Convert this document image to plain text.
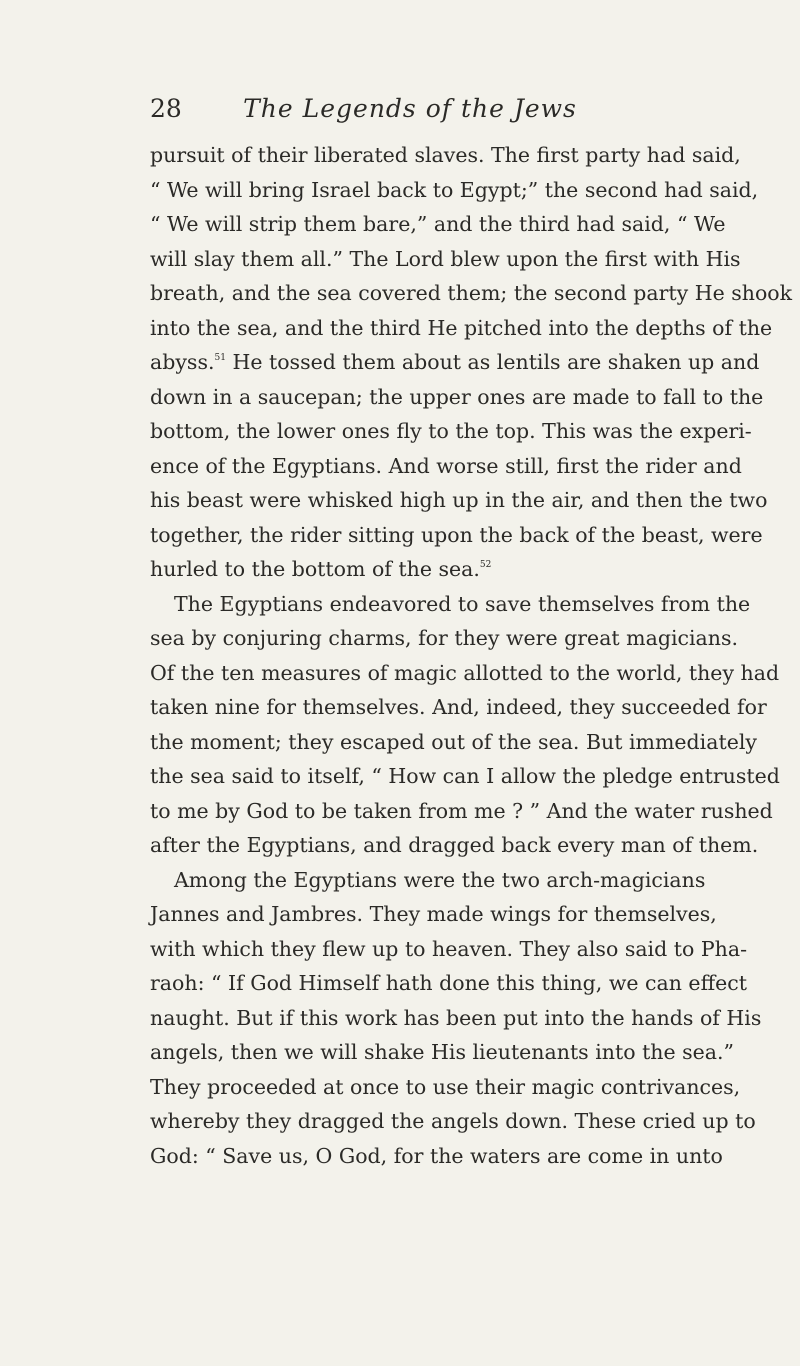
28	The Legends of the Jews
pursuit of their liberated slaves. The first party had said,
“ We will bring Israel back to Egypt;” the second had said,
“ We will strip them bare,” and the third had said, “ We
will slay them all.” The Lord blew upon the first with His
breath, and the sea covered them; the second party He shook
into the sea, and the third He pitched into the depths of the
abyss.$^{51}$ He tossed them about as lentils are shaken up and
down in a saucepan; the upper ones are made to fall to the
bottom, the lower ones fly to the top. This was the experi-
ence of the Egyptians. And worse still, first the rider and
his beast were whisked high up in the air, and then the two
together, the rider sitting upon the back of the beast, were
hurled to the bottom of the sea.$^{52}$
The Egyptians endeavored to save themselves from the
sea by conjuring charms, for they were great magicians.
Of the ten measures of magic allotted to the world, they had
taken nine for themselves. And, indeed, they succeeded for
the moment; they escaped out of the sea. But immediately
the sea said to itself, “ How can I allow the pledge entrusted
to me by God to be taken from me ? ” And the water rushed
after the Egyptians, and dragged back every man of them.
Among the Egyptians were the two arch-magicians
Jannes and Jambres. They made wings for themselves,
with which they flew up to heaven. They also said to Pha-
raoh: “ If God Himself hath done this thing, we can effect
naught. But if this work has been put into the hands of His
angels, then we will shake His lieutenants into the sea.”
They proceeded at once to use their magic contrivances,
whereby they dragged the angels down. These cried up to
God: “ Save us, O God, for the waters are come in unto
